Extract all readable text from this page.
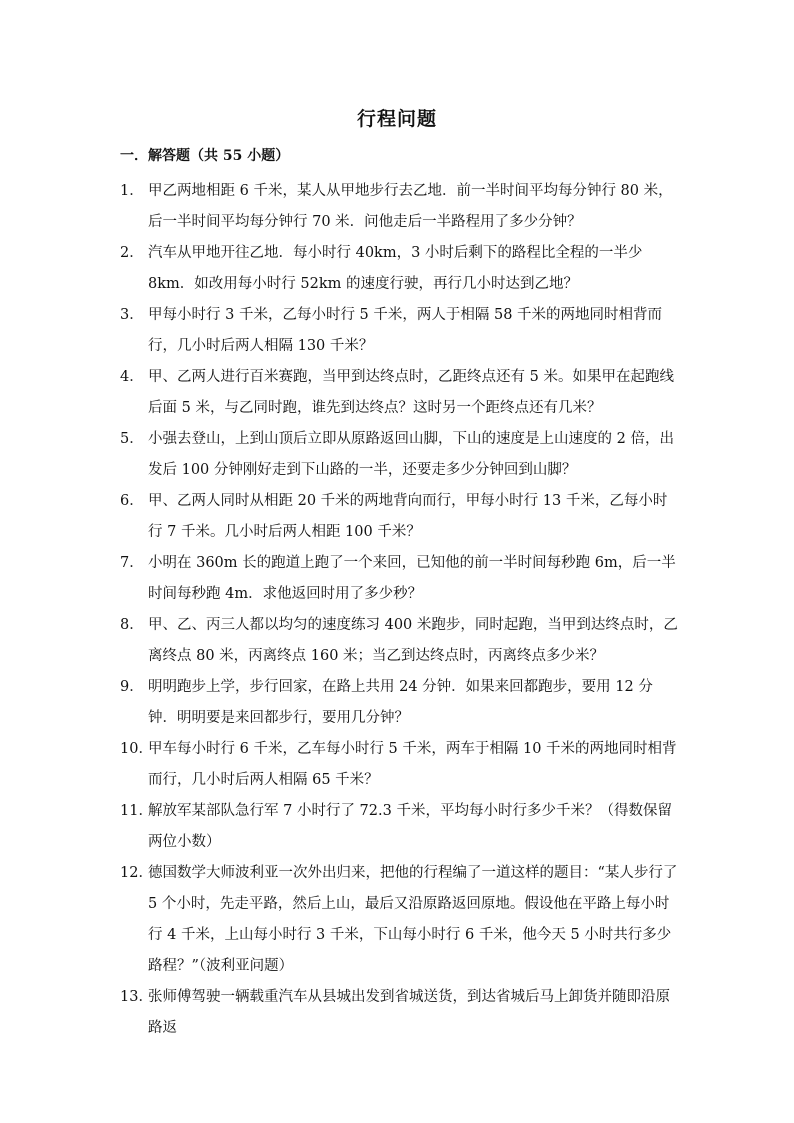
行程问题
一．解答题（共 55 小题）
1． 甲乙两地相距 6 千米，某人从甲地步行去乙地．前一半时间平均每分钟行 80 米，后一半时间平均每分钟行 70 米．问他走后一半路程用了多少分钟？
2． 汽车从甲地开往乙地．每小时行 40km，3 小时后剩下的路程比全程的一半少 8km．如改用每小时行 52km 的速度行驶，再行几小时达到乙地？
3． 甲每小时行 3 千米，乙每小时行 5 千米，两人于相隔 58 千米的两地同时相背而行，几小时后两人相隔 130 千米？
4． 甲、乙两人进行百米赛跑，当甲到达终点时，乙距终点还有 5 米。如果甲在起跑线后面 5 米，与乙同时跑，谁先到达终点？这时另一个距终点还有几米？
5． 小强去登山，上到山顶后立即从原路返回山脚，下山的速度是上山速度的 2 倍，出发后 100 分钟刚好走到下山路的一半，还要走多少分钟回到山脚？
6． 甲、乙两人同时从相距 20 千米的两地背向而行，甲每小时行 13 千米，乙每小时行 7 千米。几小时后两人相距 100 千米？
7． 小明在 360m 长的跑道上跑了一个来回，已知他的前一半时间每秒跑 6m，后一半时间每秒跑 4m．求他返回时用了多少秒？
8． 甲、乙、丙三人都以均匀的速度练习 400 米跑步，同时起跑，当甲到达终点时，乙离终点 80 米，丙离终点 160 米；当乙到达终点时，丙离终点多少米？
9． 明明跑步上学，步行回家，在路上共用 24 分钟．如果来回都跑步，要用 12 分钟．明明要是来回都步行，要用几分钟？
10．
甲车每小时行 6 千米，乙车每小时行 5 千米，两车于相隔 10 千米的两地同时相背而行，几小时后两人相隔 65 千米？
11．
解放军某部队急行军 7 小时行了 72.3 千米，平均每小时行多少千米？（得数保留两位小数）
12．
德国数学大师波利亚一次外出归来，把他的行程编了一道这样的题目：“某人步行了 5 个小时，先走平路，然后上山，最后又沿原路返回原地。假设他在平路上每小时行 4 千米，上山每小时行 3 千米，下山每小时行 6 千米，他今天 5 小时共行多少路程？”（波利亚问题）
13．
张师傅驾驶一辆载重汽车从县城出发到省城送货，到达省城后马上卸货并随即沿原路返
